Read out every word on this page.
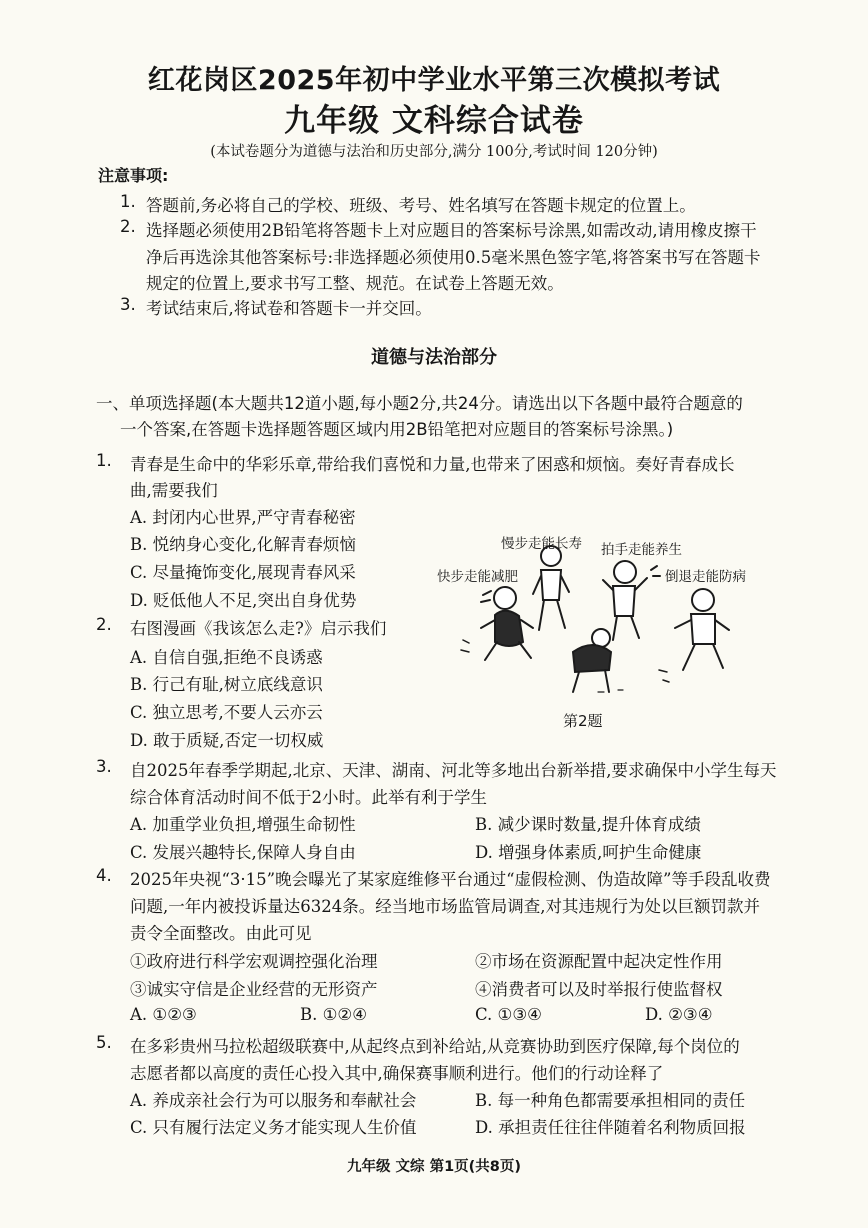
红花岗区2025年初中学业水平第三次模拟考试
九年级 文科综合试卷
(本试卷题分为道德与法治和历史部分,满分 100分,考试时间 120分钟)
注意事项:
1. 答题前,务必将自己的学校、班级、考号、姓名填写在答题卡规定的位置上。
2. 选择题必须使用2B铅笔将答题卡上对应题目的答案标号涂黑,如需改动,请用橡皮擦干
净后再选涂其他答案标号:非选择题必须使用0.5毫米黑色签字笔,将答案书写在答题卡
规定的位置上,要求书写工整、规范。在试卷上答题无效。
3. 考试结束后,将试卷和答题卡一并交回。
道德与法治部分
一、单项选择题(本大题共12道小题,每小题2分,共24分。请选出以下各题中最符合题意的
一个答案,在答题卡选择题答题区域内用2B铅笔把对应题目的答案标号涂黑。)
1. 青春是生命中的华彩乐章,带给我们喜悦和力量,也带来了困惑和烦恼。奏好青春成长
曲,需要我们
A. 封闭内心世界,严守青春秘密
B. 悦纳身心变化,化解青春烦恼
C. 尽量掩饰变化,展现青春风采
D. 贬低他人不足,突出自身优势
2. 右图漫画《我该怎么走?》启示我们
A. 自信自强,拒绝不良诱惑
B. 行己有耻,树立底线意识
C. 独立思考,不要人云亦云
D. 敢于质疑,否定一切权威
慢步走能长寿 拍手走能养生
快步走能减肥	倒退走能防病
第2题
3. 自2025年春季学期起,北京、天津、湖南、河北等多地出台新举措,要求确保中小学生每天
综合体育活动时间不低于2小时。此举有利于学生
A. 加重学业负担,增强生命韧性	B. 减少课时数量,提升体育成绩
C. 发展兴趣特长,保障人身自由	D. 增强身体素质,呵护生命健康
4. 2025年央视“3·15”晚会曝光了某家庭维修平台通过“虚假检测、伪造故障”等手段乱收费
问题,一年内被投诉量达6324条。经当地市场监管局调查,对其违规行为处以巨额罚款并
责令全面整改。由此可见
①政府进行科学宏观调控强化治理	②市场在资源配置中起决定性作用
③诚实守信是企业经营的无形资产	④消费者可以及时举报行使监督权
A. ①②③	B. ①②④	C. ①③④	D. ②③④
5. 在多彩贵州马拉松超级联赛中,从起终点到补给站,从竞赛协助到医疗保障,每个岗位的
志愿者都以高度的责任心投入其中,确保赛事顺利进行。他们的行动诠释了
A. 养成亲社会行为可以服务和奉献社会	B. 每一种角色都需要承担相同的责任
C. 只有履行法定义务才能实现人生价值	D. 承担责任往往伴随着名利物质回报
九年级 文综 第1页(共8页)
